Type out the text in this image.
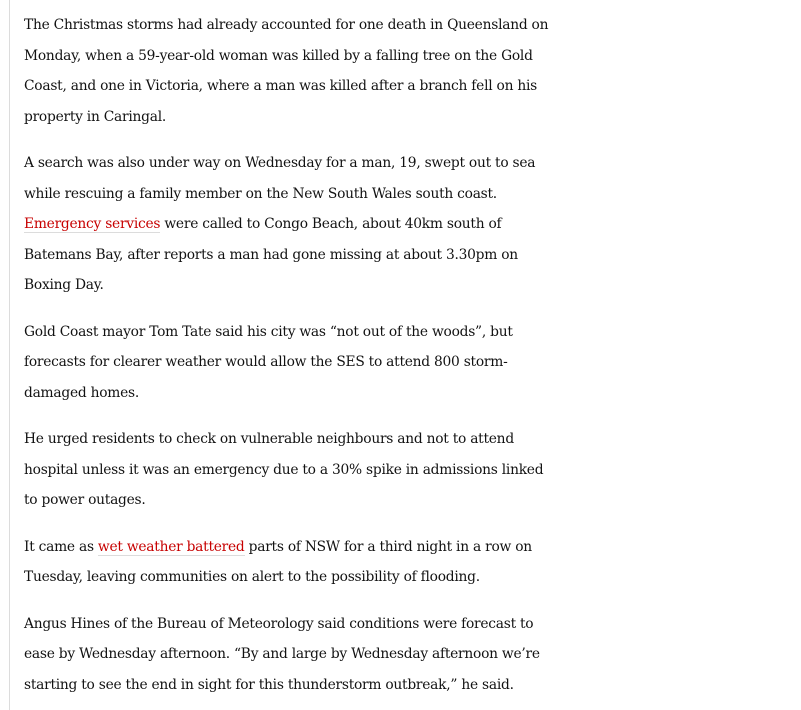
The Christmas storms had already accounted for one death in Queensland on
Monday, when a 59-year-old woman was killed by a falling tree on the Gold
Coast, and one in Victoria, where a man was killed after a branch fell on his
property in Caringal.

A search was also under way on Wednesday for a man, 19, swept out to sea
while rescuing a family member on the New South Wales south coast.
Emergency services were called to Congo Beach, about 40km south of
Batemans Bay, after reports a man had gone missing at about 3.30pm on
Boxing Day.

Gold Coast mayor Tom Tate said his city was “not out of the woods”, but
forecasts for clearer weather would allow the SES to attend 800 storm-
damaged homes.

He urged residents to check on vulnerable neighbours and not to attend
hospital unless it was an emergency due to a 30% spike in admissions linked
to power outages.

It came as wet weather battered parts of NSW for a third night in a row on
Tuesday, leaving communities on alert to the possibility of flooding.

Angus Hines of the Bureau of Meteorology said conditions were forecast to
ease by Wednesday afternoon. “By and large by Wednesday afternoon we’re
starting to see the end in sight for this thunderstorm outbreak,” he said.
